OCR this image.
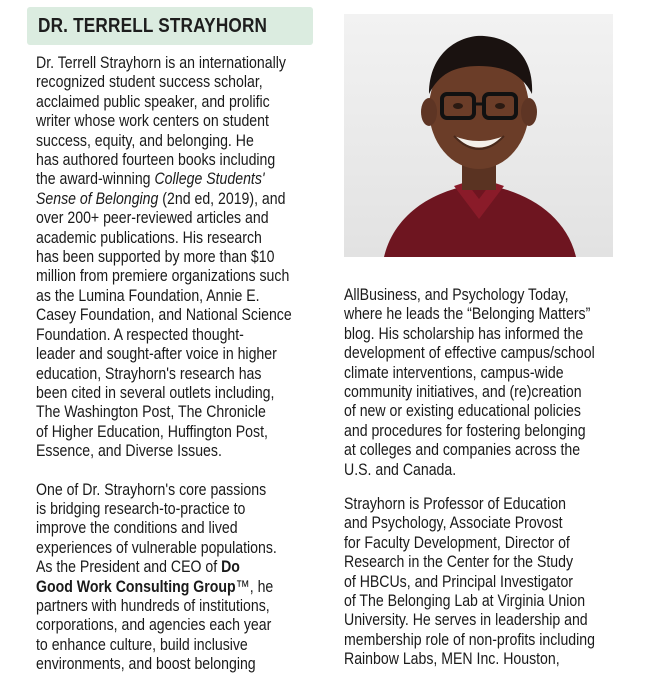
DR. TERRELL STRAYHORN

Dr. Terrell Strayhorn is an internationally

recognized student success scholar,

acclaimed public speaker, and prolific

writer whose work centers on student

success, equity, and belonging. He

has authored fourteen books including

the award-winning College Students'

Sense of Belonging (2nd ed, 2019), and

over 200+ peer-reviewed articles and

academic publications. His research

has been supported by more than $10

million from premiere organizations such

as the Lumina Foundation, Annie E.

Casey Foundation, and National Science

Foundation. A respected thought-

leader and sought-after voice in higher

education, Strayhorn's research has

been cited in several outlets including,

The Washington Post, The Chronicle

of Higher Education, Huffington Post,

Essence, and Diverse Issues.

One of Dr. Strayhorn's core passions

is bridging research-to-practice to

improve the conditions and lived

experiences of vulnerable populations.

As the President and CEO of Do

Good Work Consulting Group™, he

partners with hundreds of institutions,

corporations, and agencies each year

to enhance culture, build inclusive

environments, and boost belonging

AllBusiness, and Psychology Today,

where he leads the “Belonging Matters”

blog. His scholarship has informed the

development of effective campus/school

climate interventions, campus-wide

community initiatives, and (re)creation

of new or existing educational policies

and procedures for fostering belonging

at colleges and companies across the

U.S. and Canada.

Strayhorn is Professor of Education

and Psychology, Associate Provost

for Faculty Development, Director of

Research in the Center for the Study

of HBCUs, and Principal Investigator

of The Belonging Lab at Virginia Union

University. He serves in leadership and

membership role of non-profits including

Rainbow Labs, MEN Inc. Houston,
